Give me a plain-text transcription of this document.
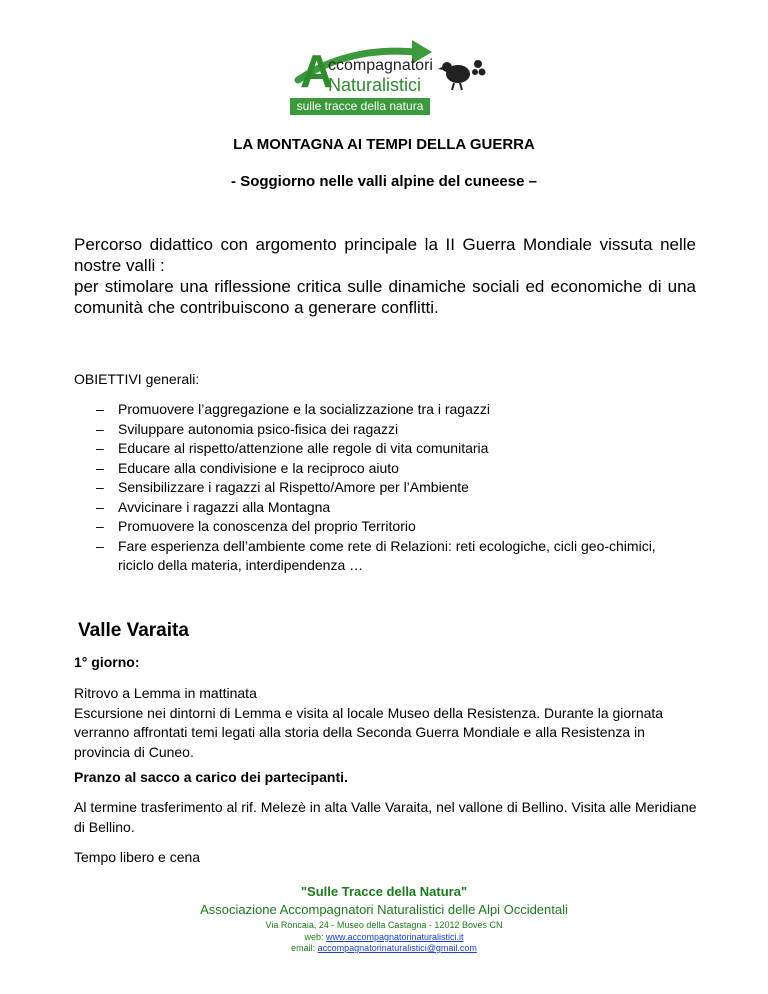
A
ccompagnatori
Naturalistici
sulle tracce della natura
LA MONTAGNA AI TEMPI DELLA GUERRA
- Soggiorno nelle valli alpine del cuneese –

Percorso didattico con argomento principale la II Guerra Mondiale vissuta nelle nostre valli :

per stimolare una riflessione critica sulle dinamiche sociali ed economiche di una comunità che contribuiscono a generare conflitti.

OBIETTIVI generali:
– Promuovere l’aggregazione e la socializzazione tra i ragazzi
– Sviluppare autonomia psico-fisica dei ragazzi
– Educare al rispetto/attenzione alle regole di vita comunitaria
– Educare alla condivisione e la reciproco aiuto
– Sensibilizzare i ragazzi al Rispetto/Amore per l’Ambiente
– Avvicinare i ragazzi alla Montagna
– Promuovere la conoscenza del proprio Territorio
– Fare esperienza dell’ambiente come rete di Relazioni: reti ecologiche, cicli geo-chimici, riciclo della materia, interdipendenza …
Valle Varaita
1° giorno:
Ritrovo a Lemma in mattinata
Escursione nei dintorni di Lemma e visita al locale Museo della Resistenza. Durante la giornata verranno affrontati temi legati alla storia della Seconda Guerra Mondiale e alla Resistenza in provincia di Cuneo.
Pranzo al sacco a carico dei partecipanti.
Al termine trasferimento al rif. Melezè in alta Valle Varaita, nel vallone di Bellino. Visita alle Meridiane di Bellino.
Tempo libero e cena
"Sulle Tracce della Natura"
Associazione Accompagnatori Naturalistici delle Alpi Occidentali
Via Roncaia, 24 - Museo della Castagna - 12012 Boves CN
web: www.accompagnatorinaturalistici.it
email: accompagnatorinaturalistici@gmail.com
